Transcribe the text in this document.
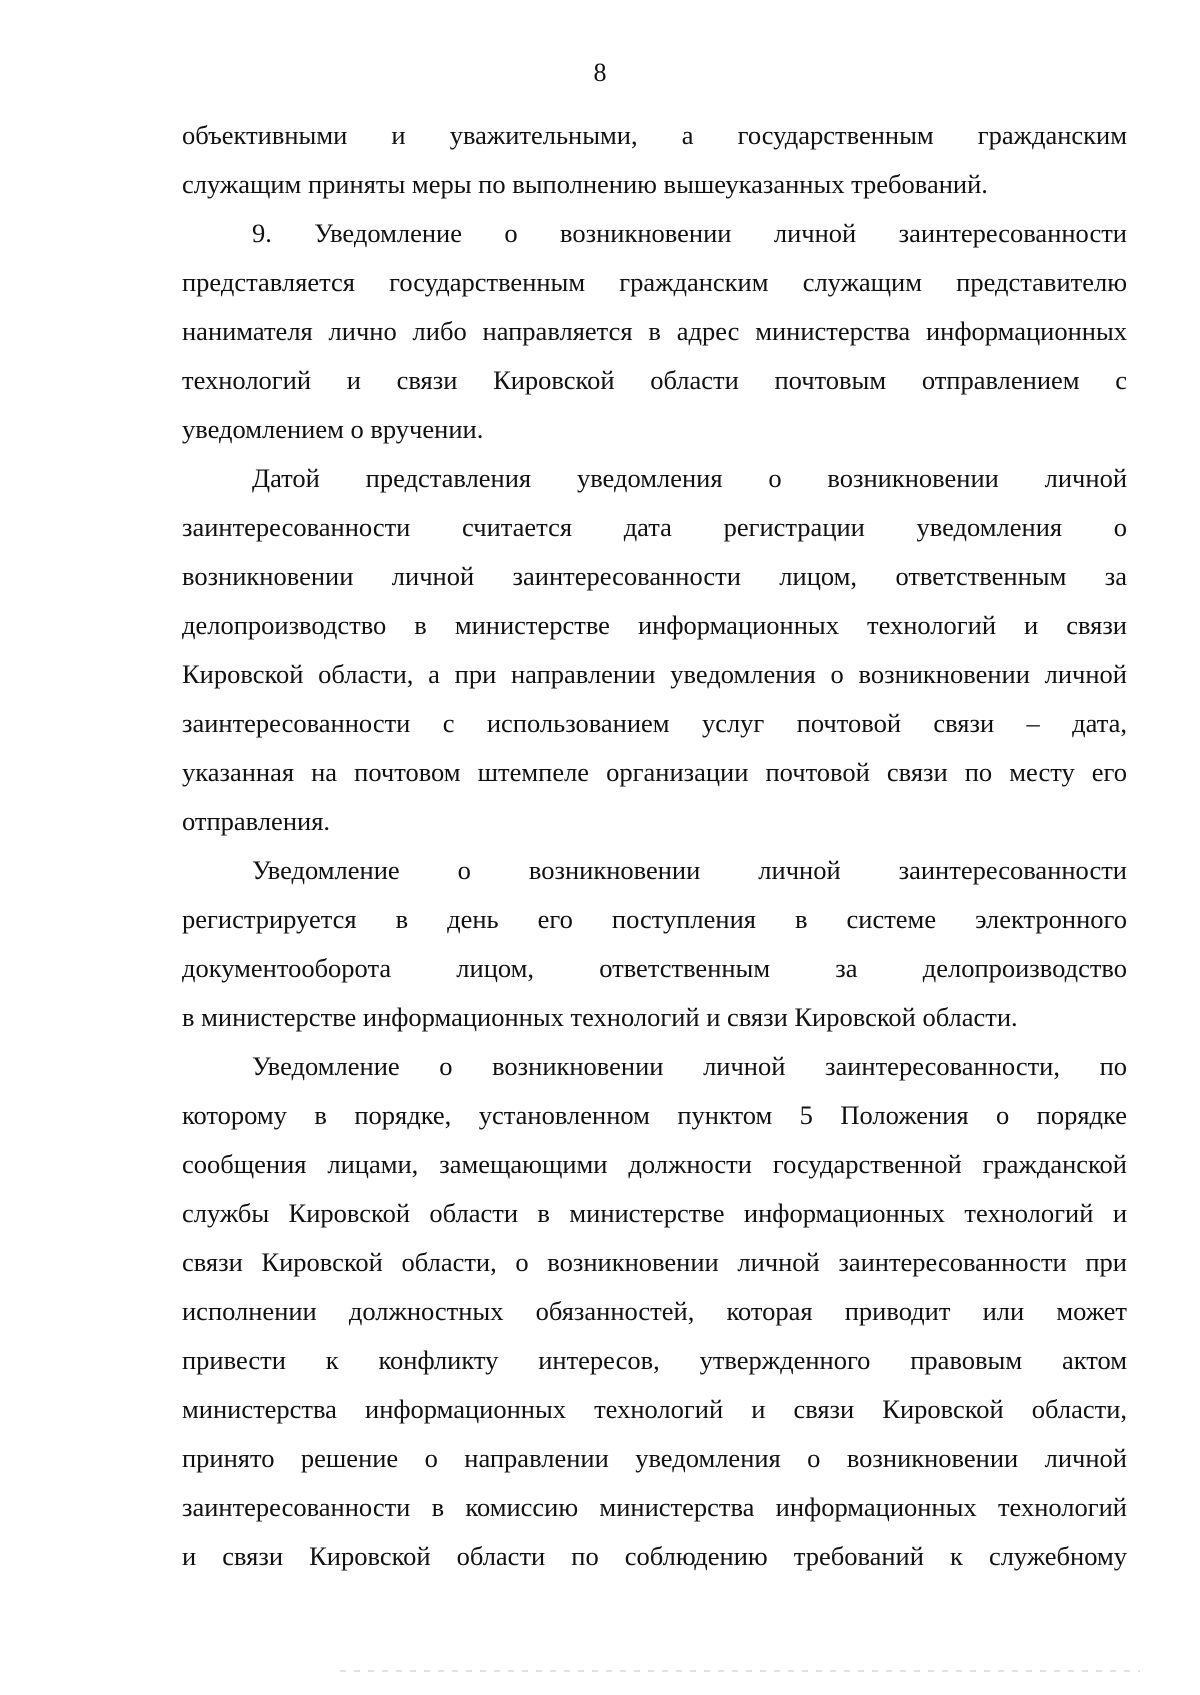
8
объективными и уважительными, а государственным гражданским
служащим приняты меры по выполнению вышеуказанных требований.
9. Уведомление о возникновении личной заинтересованности
представляется государственным гражданским служащим представителю
нанимателя лично либо направляется в адрес министерства информационных
технологий и связи Кировской области почтовым отправлением с
уведомлением о вручении.
Датой представления уведомления о возникновении личной
заинтересованности считается дата регистрации уведомления о
возникновении личной заинтересованности лицом, ответственным за
делопроизводство в министерстве информационных технологий и связи
Кировской области, а при направлении уведомления о возникновении личной
заинтересованности с использованием услуг почтовой связи – дата,
указанная на почтовом штемпеле организации почтовой связи по месту его
отправления.
Уведомление о возникновении личной заинтересованности
регистрируется в день его поступления в системе электронного
документооборота лицом, ответственным за делопроизводство
в министерстве информационных технологий и связи Кировской области.
Уведомление о возникновении личной заинтересованности, по
которому в порядке, установленном пунктом 5 Положения о порядке
сообщения лицами, замещающими должности государственной гражданской
службы Кировской области в министерстве информационных технологий и
связи Кировской области, о возникновении личной заинтересованности при
исполнении должностных обязанностей, которая приводит или может
привести к конфликту интересов, утвержденного правовым актом
министерства информационных технологий и связи Кировской области,
принято решение о направлении уведомления о возникновении личной
заинтересованности в комиссию министерства информационных технологий
и связи Кировской области по соблюдению требований к служебному
